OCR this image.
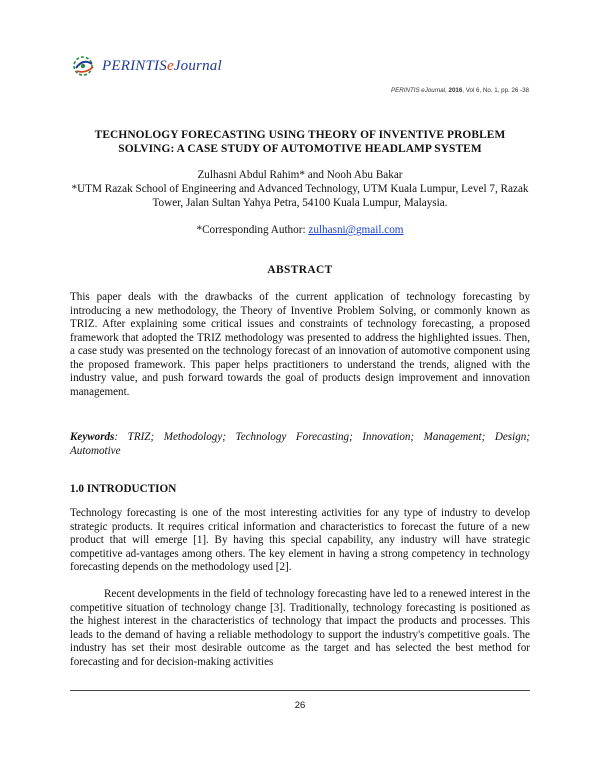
PERINTISeJournal
PERINTIS eJournal, 2016, Vol 6, No. 1, pp. 26 -38
TECHNOLOGY FORECASTING USING THEORY OF INVENTIVE PROBLEM SOLVING: A CASE STUDY OF AUTOMOTIVE HEADLAMP SYSTEM
Zulhasni Abdul Rahim* and Nooh Abu Bakar
*UTM Razak School of Engineering and Advanced Technology, UTM Kuala Lumpur, Level 7, Razak Tower, Jalan Sultan Yahya Petra, 54100 Kuala Lumpur, Malaysia.
*Corresponding Author: zulhasni@gmail.com
ABSTRACT
This paper deals with the drawbacks of the current application of technology forecasting by introducing a new methodology, the Theory of Inventive Problem Solving, or commonly known as TRIZ. After explaining some critical issues and constraints of technology forecasting, a proposed framework that adopted the TRIZ methodology was presented to address the highlighted issues. Then, a case study was presented on the technology forecast of an innovation of automotive component using the proposed framework. This paper helps practitioners to understand the trends, aligned with the industry value, and push forward towards the goal of products design improvement and innovation management.
Keywords: TRIZ; Methodology; Technology Forecasting; Innovation; Management; Design; Automotive
1.0 INTRODUCTION
Technology forecasting is one of the most interesting activities for any type of industry to develop strategic products. It requires critical information and characteristics to forecast the future of a new product that will emerge [1]. By having this special capability, any industry will have strategic competitive ad-vantages among others. The key element in having a strong competency in technology forecasting depends on the methodology used [2].
Recent developments in the field of technology forecasting have led to a renewed interest in the competitive situation of technology change [3]. Traditionally, technology forecasting is positioned as the highest interest in the characteristics of technology that impact the products and processes. This leads to the demand of having a reliable methodology to support the industry's competitive goals. The industry has set their most desirable outcome as the target and has selected the best method for forecasting and for decision-making activities
26
